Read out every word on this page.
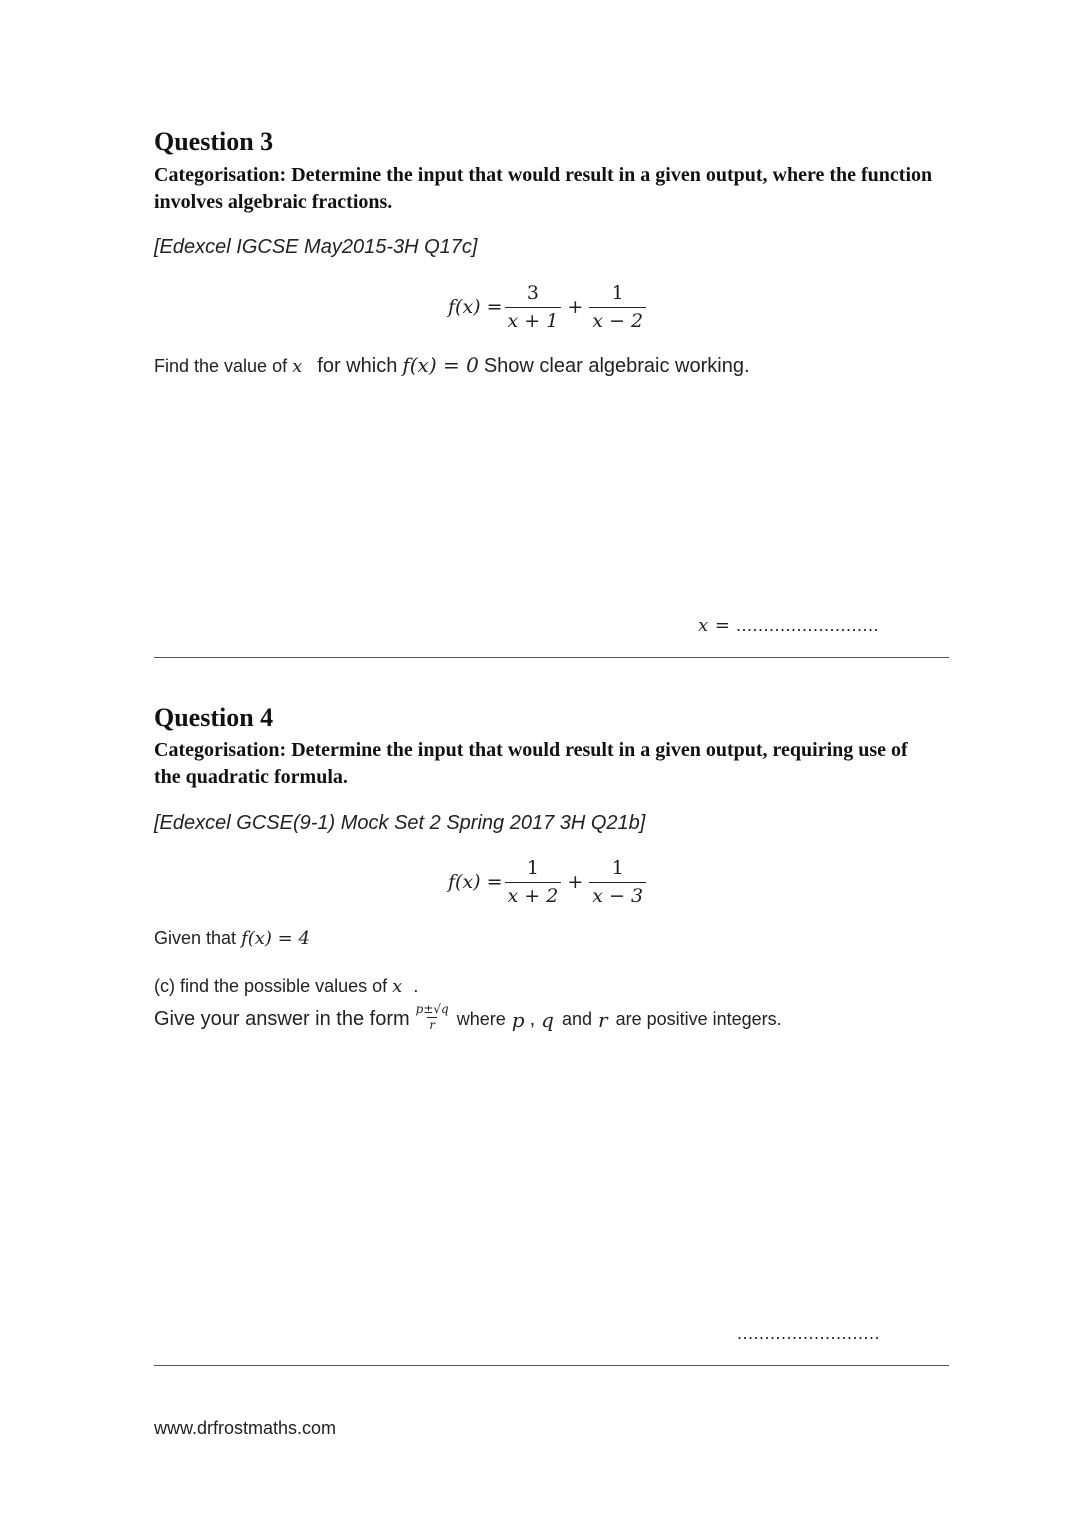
Question 3
Categorisation: Determine the input that would result in a given output, where the function involves algebraic fractions.
[Edexcel IGCSE May2015-3H Q17c]
$f(x) = \frac{3}{x + 1} + \frac{1}{x - 2}$
Find the value of x for which f(x) = 0 Show clear algebraic working.
x = ..........................
Question 4
Categorisation: Determine the input that would result in a given output, requiring use of the quadratic formula.
[Edexcel GCSE(9-1) Mock Set 2 Spring 2017 3H Q21b]
$f(x) = \frac{1}{x + 2} + \frac{1}{x - 3}$
Given that f(x) = 4
(c) find the possible values of x .
Give your answer in the form $\frac{p\pm√q}{r}$ where p , q and r are positive integers.
..........................
www.drfrostmaths.com
